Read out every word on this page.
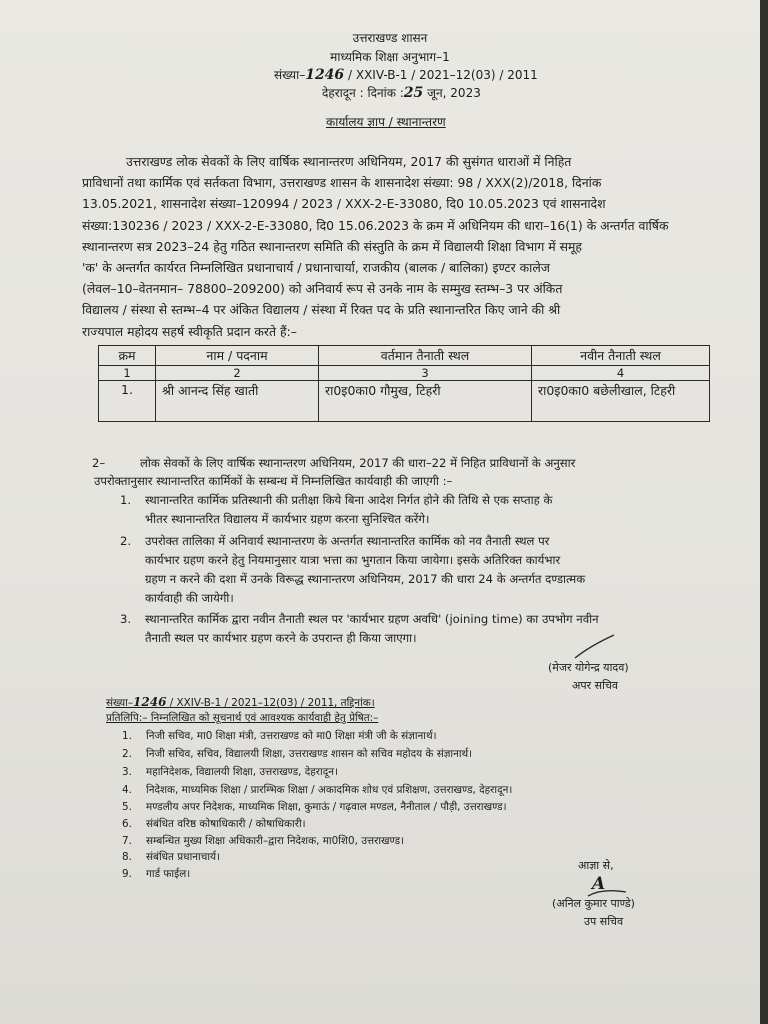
उत्तराखण्ड शासन
माध्यमिक शिक्षा अनुभाग–1
संख्या–1246 / XXIV-B-1 / 2021–12(03) / 2011
देहरादून : दिनांक :25 जून, 2023
कार्यालय ज्ञाप / स्थानान्तरण
उत्तराखण्ड लोक सेवकों के लिए वार्षिक स्थानान्तरण अधिनियम, 2017 की सुसंगत धाराओं में निहित
प्राविधानों तथा कार्मिक एवं सर्तकता विभाग, उत्तराखण्ड शासन के शासनादेश संख्या: 98 / XXX(2)/2018, दिनांक
13.05.2021, शासनादेश संख्या–120994 / 2023 / XXX-2-E-33080, दि0 10.05.2023 एवं शासनादेश
संख्या:130236 / 2023 / XXX-2-E-33080, दि0 15.06.2023 के क्रम में अधिनियम की धारा–16(1) के अन्तर्गत वार्षिक
स्थानान्तरण सत्र 2023–24 हेतु गठित स्थानान्तरण समिति की संस्तुति के क्रम में विद्यालयी शिक्षा विभाग में समूह
'क' के अन्तर्गत कार्यरत निम्नलिखित प्रधानाचार्य / प्रधानाचार्या, राजकीय (बालक / बालिका) इण्टर कालेज
(लेवल–10–वेतनमान– 78800–209200) को अनिवार्य रूप से उनके नाम के सम्मुख स्तम्भ–3 पर अंकित
विद्यालय / संस्था से स्तम्भ–4 पर अंकित विद्यालय / संस्था में रिक्त पद के प्रति स्थानान्तरित किए जाने की श्री
राज्यपाल महोदय सहर्ष स्वीकृति प्रदान करते हैं:–
क्रम	नाम / पदनाम	वर्तमान तैनाती स्थल	नवीन तैनाती स्थल
1	2	3	4
1.	श्री आनन्द सिंह खाती	रा0इ0का0 गौमुख, टिहरी	रा0इ0का0 बछेलीखाल, टिहरी
2–	लोक सेवकों के लिए वार्षिक स्थानान्तरण अधिनियम, 2017 की धारा–22 में निहित प्राविधानों के अनुसार
उपरोक्तानुसार स्थानान्तरित कार्मिकों के सम्बन्ध में निम्नलिखित कार्यवाही की जाएगी :–
1. स्थानान्तरित कार्मिक प्रतिस्थानी की प्रतीक्षा किये बिना आदेश निर्गत होने की तिथि से एक सप्ताह के
भीतर स्थानान्तरित विद्यालय में कार्यभार ग्रहण करना सुनिश्चित करेंगे।
2. उपरोक्त तालिका में अनिवार्य स्थानान्तरण के अन्तर्गत स्थानान्तरित कार्मिक को नव तैनाती स्थल पर
कार्यभार ग्रहण करने हेतु नियमानुसार यात्रा भत्ता का भुगतान किया जायेगा। इसके अतिरिक्त कार्यभार
ग्रहण न करने की दशा में उनके विरूद्ध स्थानान्तरण अधिनियम, 2017 की धारा 24 के अन्तर्गत दण्डात्मक
कार्यवाही की जायेगी।
3. स्थानान्तरित कार्मिक द्वारा नवीन तैनाती स्थल पर 'कार्यभार ग्रहण अवधि' (joining time) का उपभोग नवीन
तैनाती स्थल पर कार्यभार ग्रहण करने के उपरान्त ही किया जाएगा।
(मेजर योगेन्द्र यादव)
अपर सचिव
संख्या–1246 / XXIV-B-1 / 2021–12(03) / 2011, तद्दिनांक।
प्रतिलिपि:– निम्नलिखित को सूचनार्थ एवं आवश्यक कार्यवाही हेतु प्रेषित:–
1. निजी सचिव, मा0 शिक्षा मंत्री, उत्तराखण्ड को मा0 शिक्षा मंत्री जी के संज्ञानार्थ।
2. निजी सचिव, सचिव, विद्यालयी शिक्षा, उत्तराखण्ड शासन को सचिव महोदय के संज्ञानार्थ।
3. महानिदेशक, विद्यालयी शिक्षा, उत्तराखण्ड, देहरादून।
4. निदेशक, माध्यमिक शिक्षा / प्रारम्भिक शिक्षा / अकादमिक शोध एवं प्रशिक्षण, उत्तराखण्ड, देहरादून।
5. मण्डलीय अपर निदेशक, माध्यमिक शिक्षा, कुमाऊं / गढ़वाल मण्डल, नैनीताल / पौड़ी, उत्तराखण्ड।
6. संबंधित वरिष्ठ कोषाधिकारी / कोषाधिकारी।
7. सम्बन्धित मुख्य शिक्षा अधिकारी–द्वारा निदेशक, मा0शि0, उत्तराखण्ड।
8. संबंधित प्रधानाचार्य।
9. गार्ड फाईल।
आज्ञा से,
A
(अनिल कुमार पाण्डे)
उप सचिव
